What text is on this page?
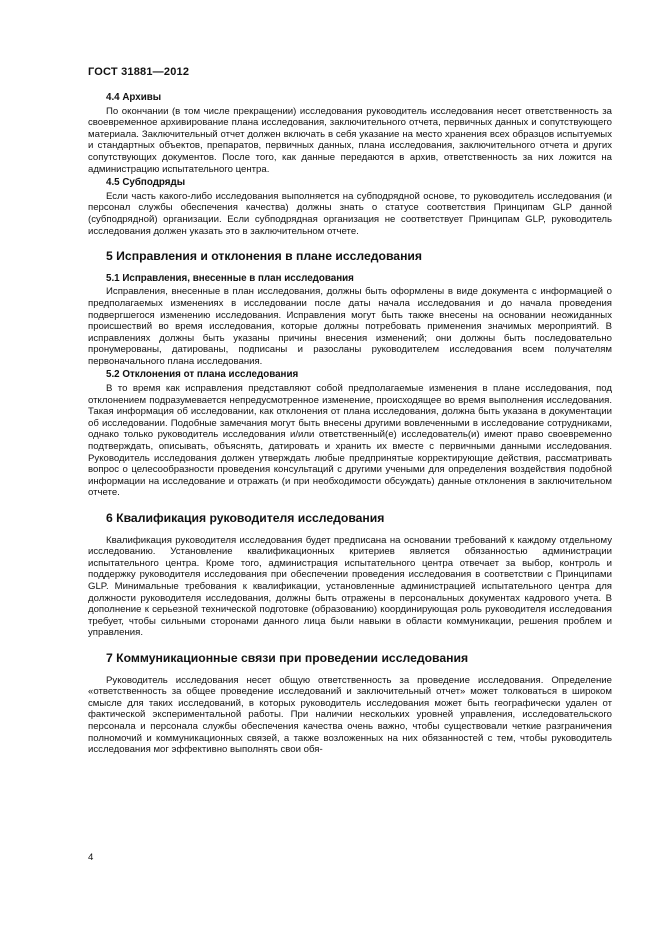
ГОСТ 31881—2012
4.4 Архивы

По окончании (в том числе прекращении) исследования руководитель исследования несет ответственность за своевременное архивирование плана исследования, заключительного отчета, первичных данных и сопутствующего материала. Заключительный отчет должен включать в себя указание на место хранения всех образцов испытуемых и стандартных объектов, препаратов, первичных данных, плана исследования, заключительного отчета и других сопутствующих документов. После того, как данные передаются в архив, ответственность за них ложится на администрацию испытательного центра.

4.5 Субподряды

Если часть какого-либо исследования выполняется на субподрядной основе, то руководитель исследования (и персонал службы обеспечения качества) должны знать о статусе соответствия Принципам GLP данной (субподрядной) организации. Если субподрядная организация не соответствует Принципам GLP, руководитель исследования должен указать это в заключительном отчете.

5 Исправления и отклонения в плане исследования
5.1 Исправления, внесенные в план исследования

Исправления, внесенные в план исследования, должны быть оформлены в виде документа с информацией о предполагаемых изменениях в исследовании после даты начала исследования и до начала проведения подвергшегося изменению исследования. Исправления могут быть также внесены на основании неожиданных происшествий во время исследования, которые должны потребовать применения значимых мероприятий. В исправлениях должны быть указаны причины внесения изменений; они должны быть последовательно пронумерованы, датированы, подписаны и разосланы руководителем исследования всем получателям первоначального плана исследования.

5.2 Отклонения от плана исследования

В то время как исправления представляют собой предполагаемые изменения в плане исследования, под отклонением подразумевается непредусмотренное изменение, происходящее во время выполнения исследования. Такая информация об исследовании, как отклонения от плана исследования, должна быть указана в документации об исследовании. Подобные замечания могут быть внесены другими вовлеченными в исследование сотрудниками, однако только руководитель исследования и/или ответственный(е) исследователь(и) имеют право своевременно подтверждать, описывать, объяснять, датировать и хранить их вместе с первичными данными исследования. Руководитель исследования должен утверждать любые предпринятые корректирующие действия, рассматривать вопрос о целесообразности проведения консультаций с другими учеными для определения воздействия подобной информации на исследование и отражать (и при необходимости обсуждать) данные отклонения в заключительном отчете.

6 Квалификация руководителя исследования

Квалификация руководителя исследования будет предписана на основании требований к каждому отдельному исследованию. Установление квалификационных критериев является обязанностью администрации испытательного центра. Кроме того, администрация испытательного центра отвечает за выбор, контроль и поддержку руководителя исследования при обеспечении проведения исследования в соответствии с Принципами GLP. Минимальные требования к квалификации, установленные администрацией испытательного центра для должности руководителя исследования, должны быть отражены в персональных документах кадрового учета. В дополнение к серьезной технической подготовке (образованию) координирующая роль руководителя исследования требует, чтобы сильными сторонами данного лица были навыки в области коммуникации, решения проблем и управления.

7 Коммуникационные связи при проведении исследования

Руководитель исследования несет общую ответственность за проведение исследования. Определение «ответственность за общее проведение исследований и заключительный отчет» может толковаться в широком смысле для таких исследований, в которых руководитель исследования может быть географически удален от фактической экспериментальной работы. При наличии нескольких уровней управления, исследовательского персонала и персонала службы обеспечения качества очень важно, чтобы существовали четкие разграничения полномочий и коммуникационных связей, а также возложенных на них обязанностей с тем, чтобы руководитель исследования мог эффективно выполнять свои обя-

4
